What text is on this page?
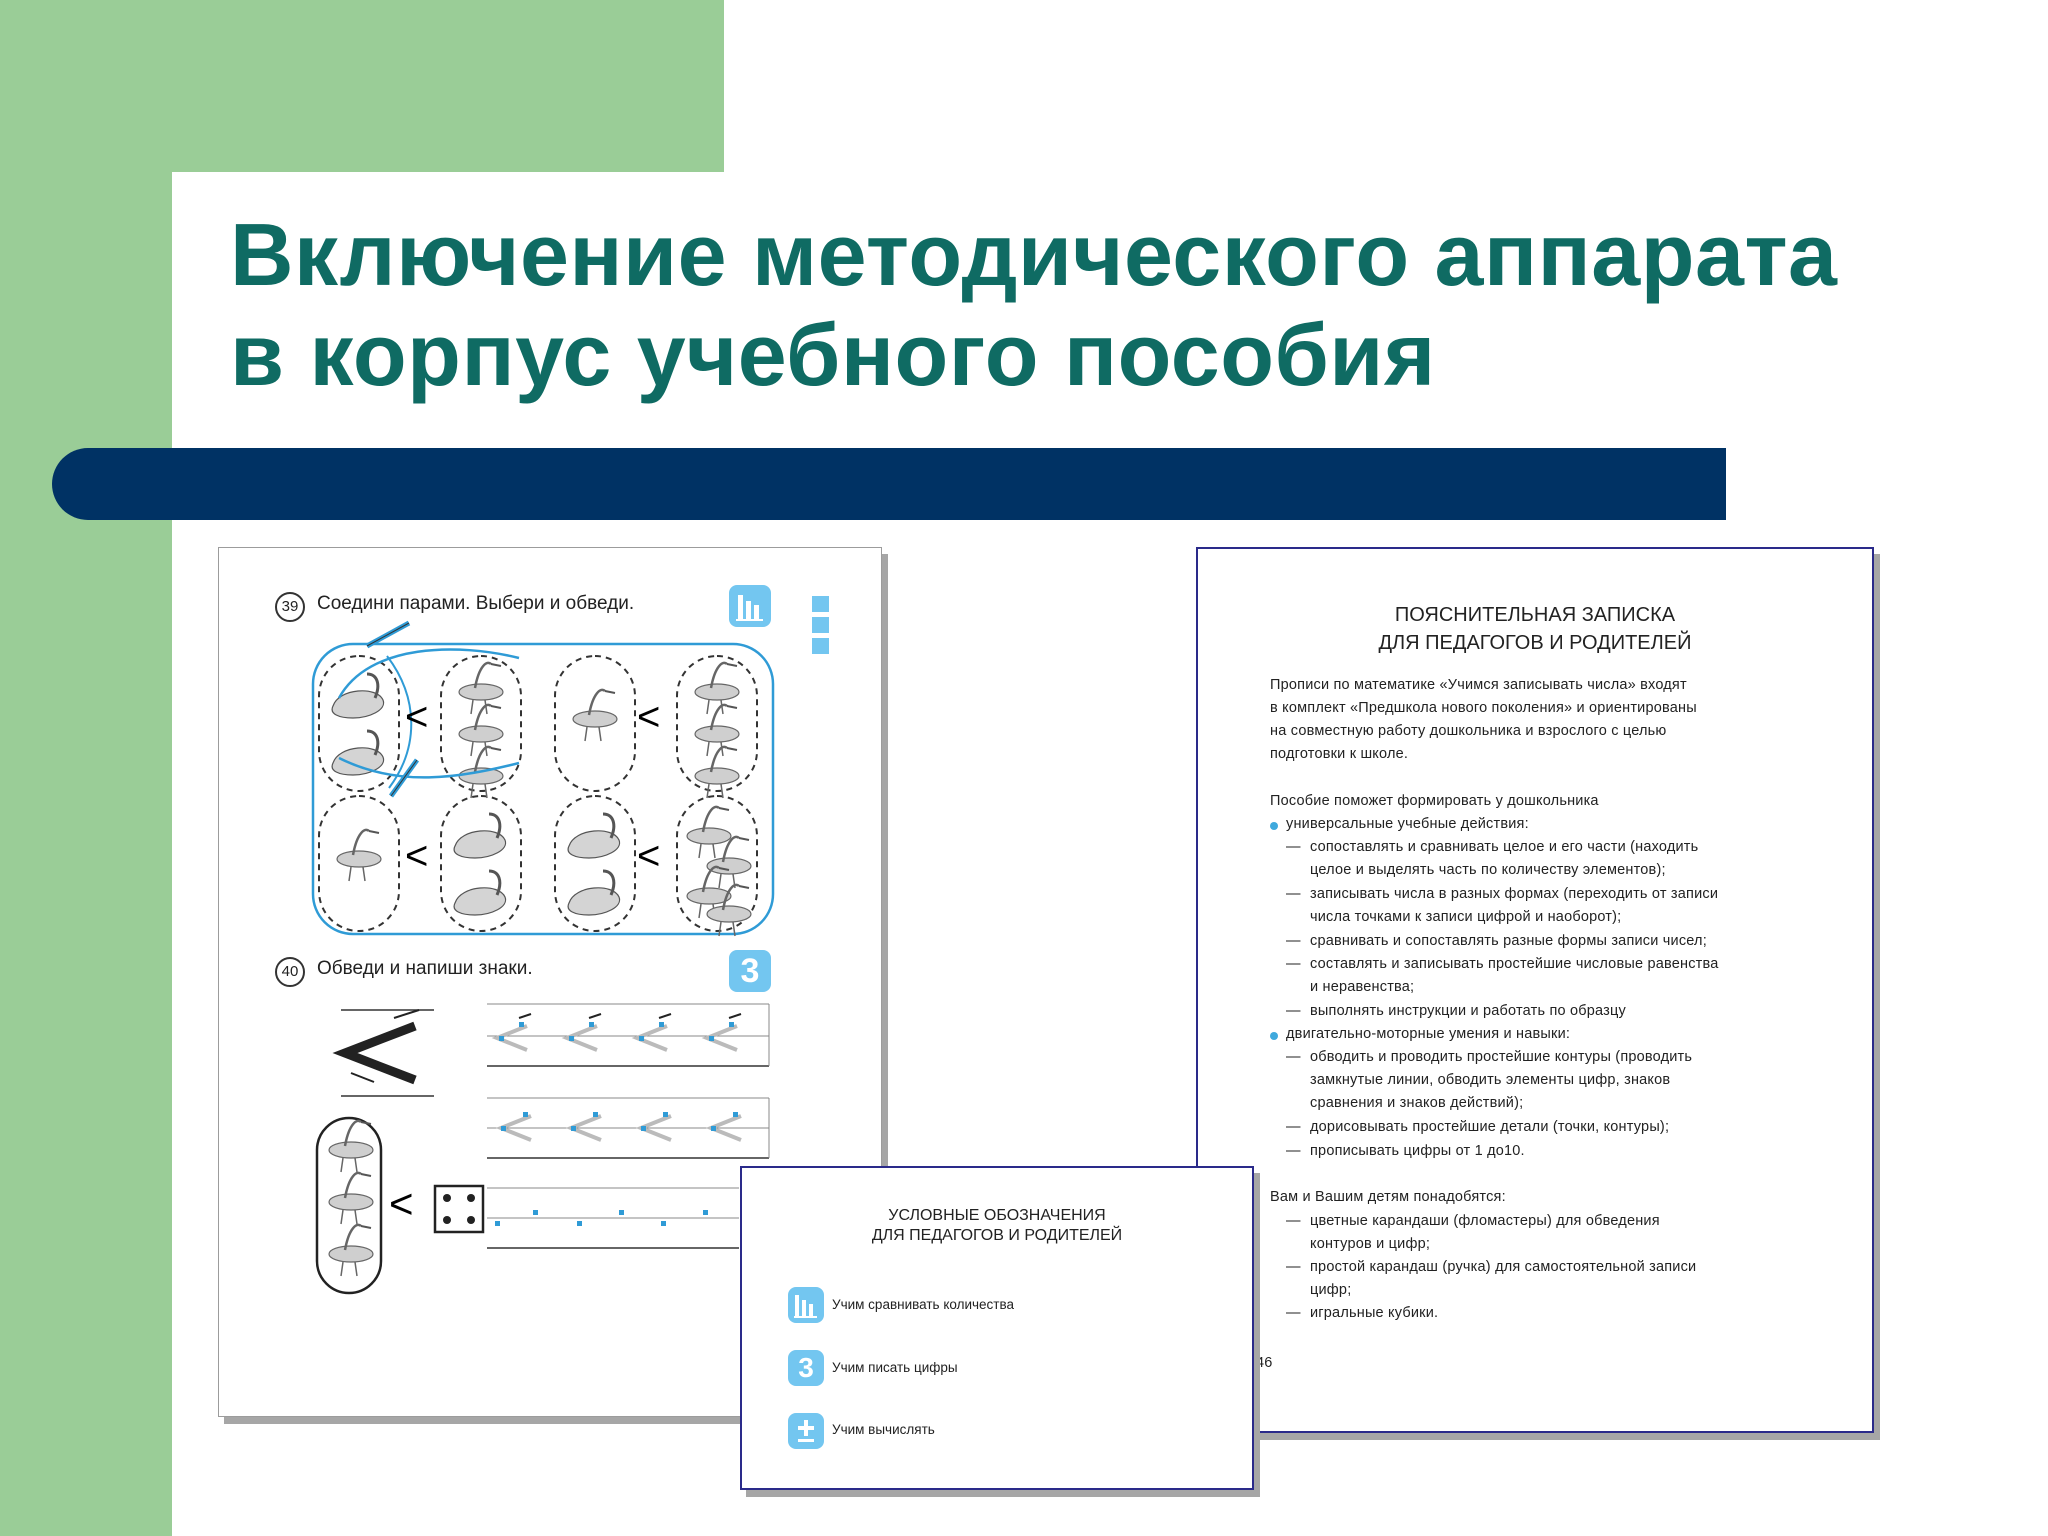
Включение методического аппарата
в корпус учебного пособия
39 Соедини парами. Выбери и обведи.
<	<
<	<
40 Обведи и напиши знаки.	3
<
ПОЯСНИТЕЛЬНАЯ ЗАПИСКА
ДЛЯ ПЕДАГОГОВ И РОДИТЕЛЕЙ
Прописи по математике «Учимся записывать числа» входят
в комплект «Предшкола нового поколения» и ориентированы
на совместную работу дошкольника и взрослого с целью
подготовки к школе.
Пособие поможет формировать у дошкольника
универсальные учебные действия:
— сопоставлять и сравнивать целое и его части (находить
целое и выделять часть по количеству элементов);
— записывать числа в разных формах (переходить от записи
числа точками к записи цифрой и наоборот);
— сравнивать и сопоставлять разные формы записи чисел;
— составлять и записывать простейшие числовые равенства
и неравенства;
— выполнять инструкции и работать по образцу
двигательно-моторные умения и навыки:
— обводить и проводить простейшие контуры (проводить
замкнутые линии, обводить элементы цифр, знаков
сравнения и знаков действий);
— дорисовывать простейшие детали (точки, контуры);
— прописывать цифры от 1 до10.
Вам и Вашим детям понадобятся:
— цветные карандаши (фломастеры) для обведения
контуров и цифр;
— простой карандаш (ручка) для самостоятельной записи
цифр;
— игральные кубики.
46
УСЛОВНЫЕ ОБОЗНАЧЕНИЯ
ДЛЯ ПЕДАГОГОВ И РОДИТЕЛЕЙ
Учим сравнивать количества
3	Учим писать цифры
Учим вычислять
